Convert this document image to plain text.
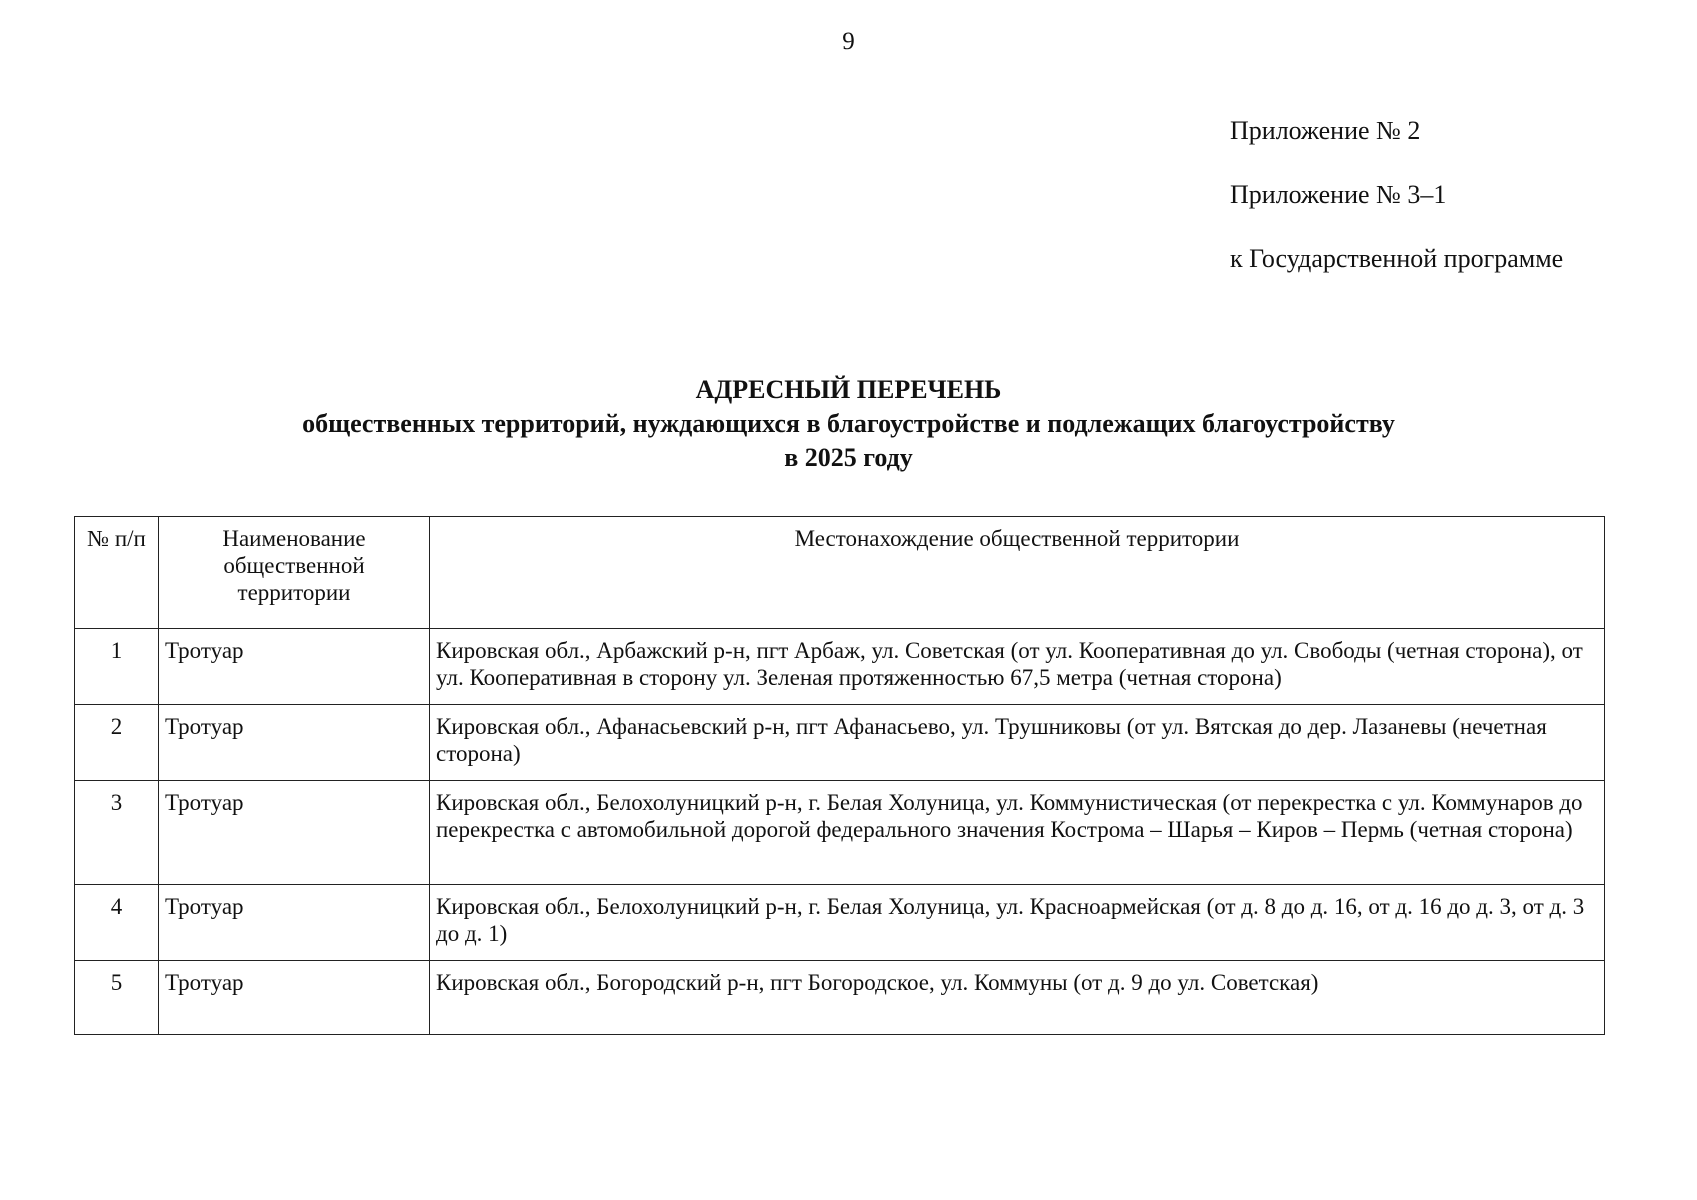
9
Приложение № 2
Приложение № 3–1
к Государственной программе
АДРЕСНЫЙ ПЕРЕЧЕНЬ
общественных территорий, нуждающихся в благоустройстве и подлежащих благоустройству
в 2025 году
№ п/п	Наименование общественной территории	Местонахождение общественной территории
1	Тротуар	Кировская обл., Арбажский р-н, пгт Арбаж, ул. Советская (от ул. Кооперативная до ул. Свободы (четная сторона), от ул. Кооперативная в сторону ул. Зеленая протяженностью 67,5 метра (четная сторона)
2	Тротуар	Кировская обл., Афанасьевский р-н, пгт Афанасьево, ул. Трушниковы (от ул. Вятская до дер. Лазаневы (нечетная сторона)
3	Тротуар	Кировская обл., Белохолуницкий р-н, г. Белая Холуница, ул. Коммунистическая (от перекрестка с ул. Коммунаров до перекрестка с автомобильной дорогой федерального значения Кострома – Шарья – Киров – Пермь (четная сторона)
4	Тротуар	Кировская обл., Белохолуницкий р-н, г. Белая Холуница, ул. Красноармейская (от д. 8 до д. 16, от д. 16 до д. 3, от д. 3 до д. 1)
5	Тротуар	Кировская обл., Богородский р-н, пгт Богородское, ул. Коммуны (от д. 9 до ул. Советская)
